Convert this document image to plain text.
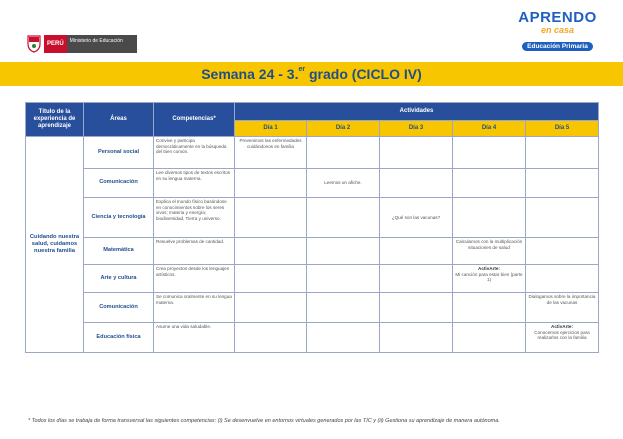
PERÚ	Ministerio de Educación
APRENDO
en casa
Educación Primaria
Semana 24 - 3.$^{er}$ grado (CICLO IV)
Título de la experiencia de aprendizaje	Áreas	Competencias*	Actividades				
			Día 1	Día 2	Día 3	Día 4	Día 5
Cuidando nuestra salud, cuidamos nuestra familia	Personal social	Convive y participa democráticamente en la búsqueda del bien común.	Prevenimos las enfermedades cuidándonos en familia				
	Comunicación	Lee diversos tipos de textos escritos en su lengua materna.		Leemos un afiche.			
	Ciencia y tecnología	Explica el mundo físico basándose en conocimientos sobre los seres vivos; materia y energía; biodiversidad, Tierra y universo.			¿Qué son las vacunas?		
	Matemática	Resuelve problemas de cantidad.				Calculamos con la multiplicación situaciones de salud	
	Arte y cultura	Crea proyectos desde los lenguajes artísticos.				ActivArte:
Mi canción para estar bien (parte 1)	
	Comunicación	Se comunica oralmente en su lengua materna.					Dialogamos sobre la importancia de las vacunas
	Educación física	Asume una vida saludable.					ActivArte:
Conocemos ejercicios para realizarlos con la familia
* Todos los días se trabaja de forma transversal las siguientes competencias: (i) Se desenvuelve en entornos virtuales generados por las TIC y (ii) Gestiona su aprendizaje de manera autónoma.
